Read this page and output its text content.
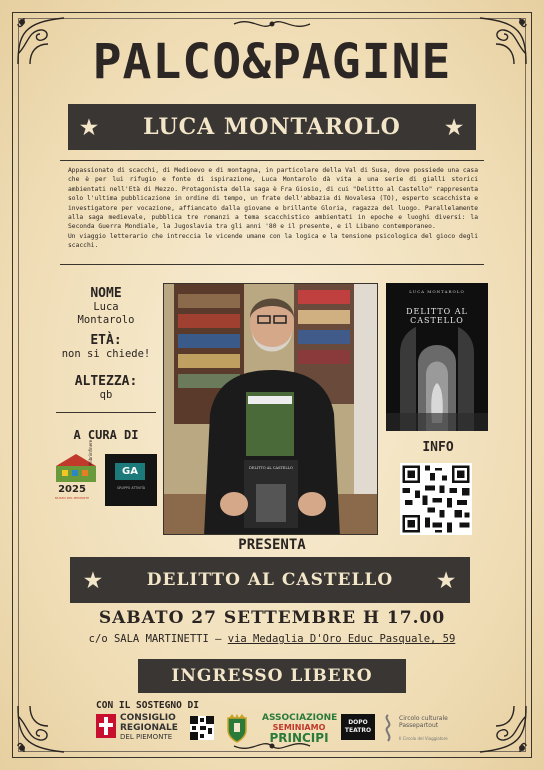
PALCO&PAGINE
★ LUCA MONTAROLO ★

Appassionato di scacchi, di Medioevo e di montagna, in particolare della Val di Susa, dove possiede una casa che è per lui rifugio e fonte di ispirazione, Luca Montarolo dà vita a una serie di gialli storici ambientati nell'Età di Mezzo. Protagonista della saga è Fra Giosio, di cui "Delitto al Castello" rappresenta solo l'ultima pubblicazione in ordine di tempo, un frate dell'abbazia di Novalesa (TO), esperto scacchista e investigatore per vocazione, affiancato dalla giovane e brillante Gloria, ragazza del luogo. Parallelamente alla saga medievale, pubblica tre romanzi a tema scacchistico ambientati in epoche e luoghi diversi: la Seconda Guerra Mondiale, la Jugoslavia tra gli anni '80 e il presente, e il Libano contemporaneo.

Un viaggio letterario che intreccia le vicende umane con la logica e la tensione psicologica del gioco degli scacchi.

NOME
Luca Montarolo
ETÀ:
non si chiede!
ALTEZZA:
qb
A CURA DI
2025
MUSEO DEL PIEMONTE
#libriinfinere
GA
GRUPPO ATTIVITÀ
DELITTO AL CASTELLO
LUCA MONTAROLO
DELITTO AL CASTELLO
INFO
PRESENTA
★	DELITTO AL CASTELLO ★
SABATO 27 SETTEMBRE H 17.00
c/o SALA MARTINETTI – via Medaglia D'Oro Educ Pasquale, 59
INGRESSO LIBERO
CON IL SOSTEGNO DI
CONSIGLIO
REGIONALE
DEL PIEMONTE
ASSOCIAZIONE
SEMINIAMO
PRINCIPI
DOPO TEATRO
Circolo culturale
Passepartout
Il Circolo del Viaggiatore
